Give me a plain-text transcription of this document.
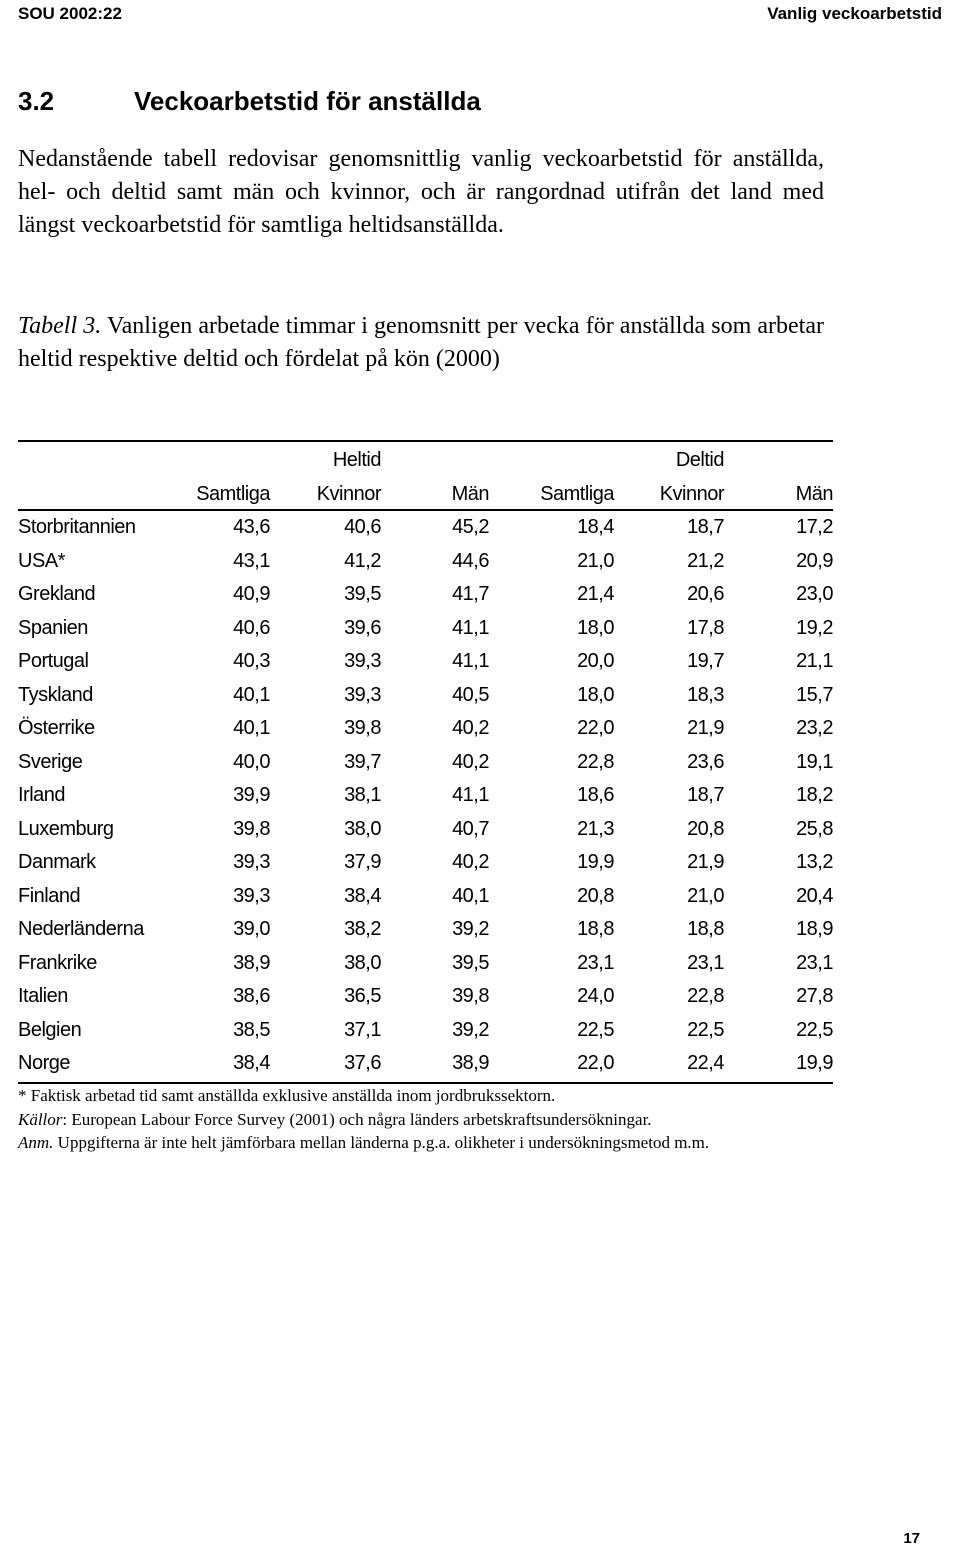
SOU 2002:22	Vanlig veckoarbetstid
3.2	Veckoarbetstid för anställda
Nedanstående tabell redovisar genomsnittlig vanlig veckoarbetstid för anställda, hel- och deltid samt män och kvinnor, och är rangordnad utifrån det land med längst veckoarbetstid för samtliga heltidsanställda.
Tabell 3. Vanligen arbetade timmar i genomsnitt per vecka för anställda som arbetar heltid respektive deltid och fördelat på kön (2000)
		Heltid			Deltid	
	Samtliga	Kvinnor	Män	Samtliga	Kvinnor	Män
Storbritannien	43,6	40,6	45,2	18,4	18,7	17,2
USA*	43,1	41,2	44,6	21,0	21,2	20,9
Grekland	40,9	39,5	41,7	21,4	20,6	23,0
Spanien	40,6	39,6	41,1	18,0	17,8	19,2
Portugal	40,3	39,3	41,1	20,0	19,7	21,1
Tyskland	40,1	39,3	40,5	18,0	18,3	15,7
Österrike	40,1	39,8	40,2	22,0	21,9	23,2
Sverige	40,0	39,7	40,2	22,8	23,6	19,1
Irland	39,9	38,1	41,1	18,6	18,7	18,2
Luxemburg	39,8	38,0	40,7	21,3	20,8	25,8
Danmark	39,3	37,9	40,2	19,9	21,9	13,2
Finland	39,3	38,4	40,1	20,8	21,0	20,4
Nederländerna	39,0	38,2	39,2	18,8	18,8	18,9
Frankrike	38,9	38,0	39,5	23,1	23,1	23,1
Italien	38,6	36,5	39,8	24,0	22,8	27,8
Belgien	38,5	37,1	39,2	22,5	22,5	22,5
Norge	38,4	37,6	38,9	22,0	22,4	19,9

* Faktisk arbetad tid samt anställda exklusive anställda inom jordbrukssektorn.

Källor: European Labour Force Survey (2001) och några länders arbetskraftsundersökningar.

Anm. Uppgifterna är inte helt jämförbara mellan länderna p.g.a. olikheter i undersökningsmetod m.m.

17
